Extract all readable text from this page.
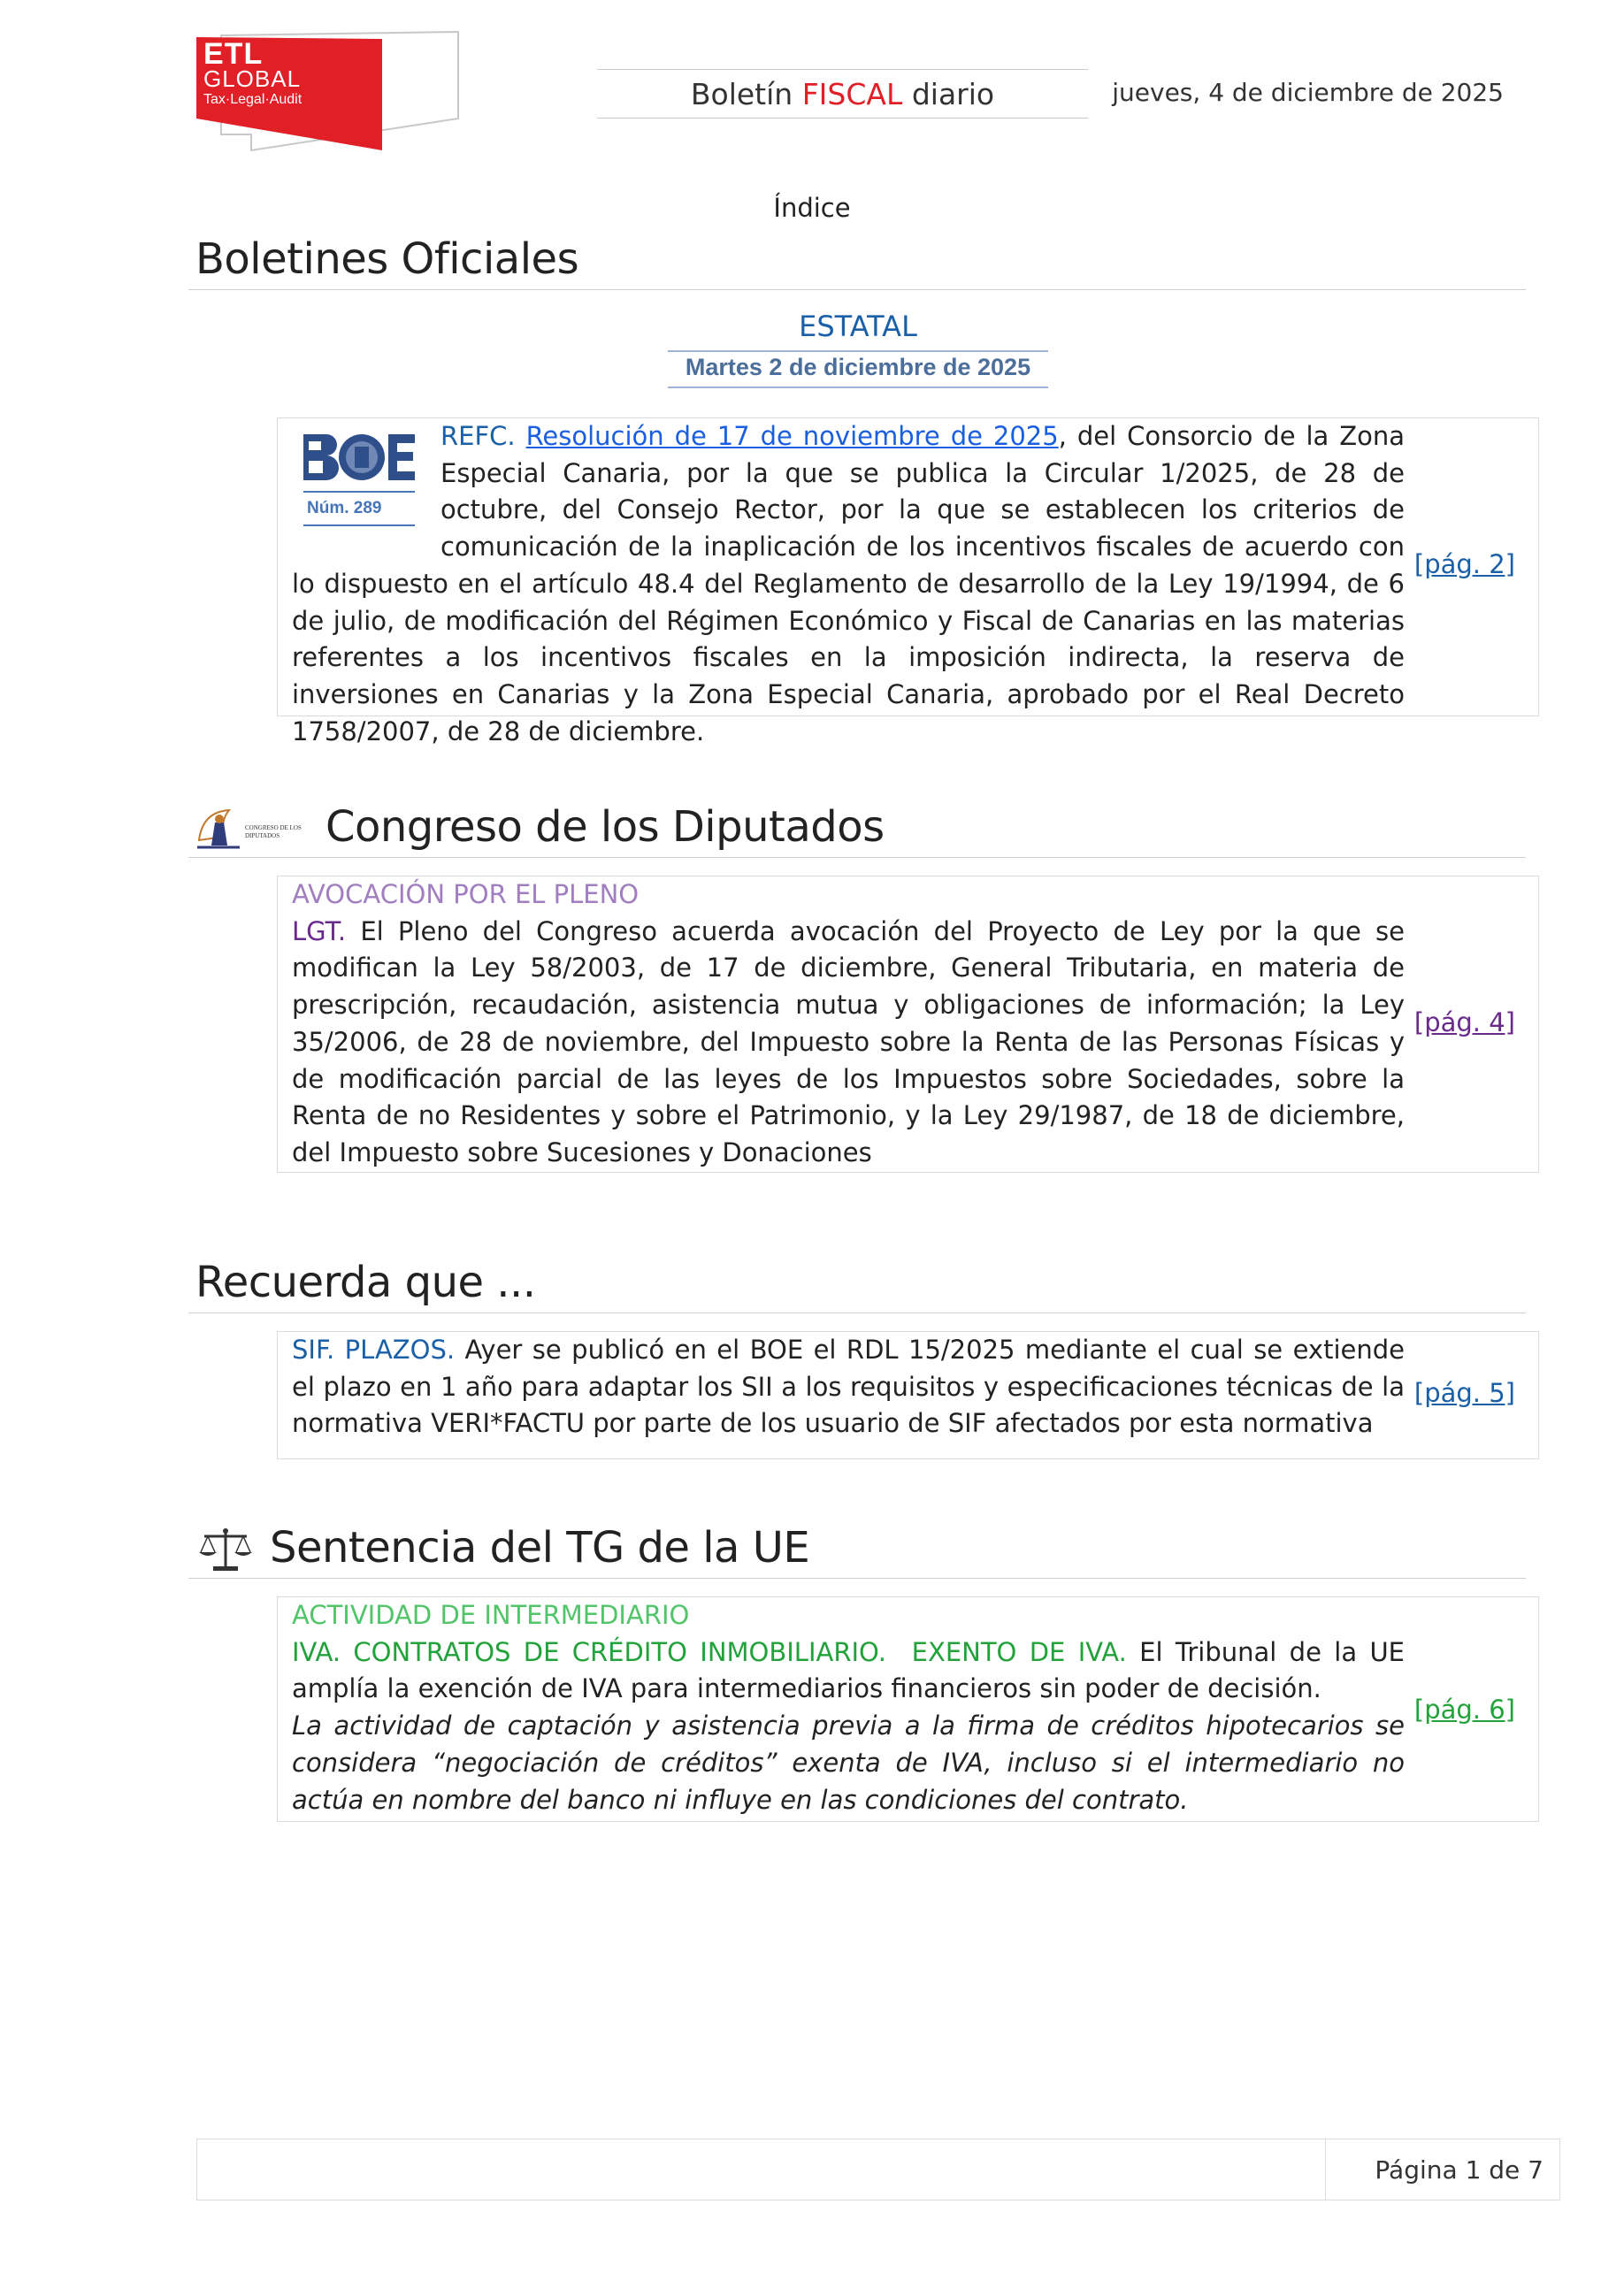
ETL
GLOBAL
Tax·Legal·Audit	Boletín FISCAL diario	jueves, 4 de diciembre de 2025
Índice
Boletines Oficiales
ESTATAL
Martes 2 de diciembre de 2025
Núm. 289
REFC. Resolución de 17 de noviembre de 2025, del Consorcio de la Zona Especial Canaria, por la que se publica la Circular 1/2025, de 28 de octubre, del Consejo Rector, por la que se establecen los criterios de comunicación de la inaplicación de los incentivos fiscales de acuerdo con lo dispuesto en el artículo 48.4 del Reglamento de desarrollo de la Ley 19/1994, de 6 de julio, de modificación del Régimen Económico y Fiscal de Canarias en las materias referentes a los incentivos fiscales en la imposición indirecta, la reserva de inversiones en Canarias y la Zona Especial Canaria, aprobado por el Real Decreto 1758/2007, de 28 de diciembre.
[pág. 2]
CONGRESO DE LOS DIPUTADOS	Congreso de los Diputados
AVOCACIÓN POR EL PLENO
LGT. El Pleno del Congreso acuerda avocación del Proyecto de Ley por la que se modifican la Ley 58/2003, de 17 de diciembre, General Tributaria, en materia de prescripción, recaudación, asistencia mutua y obligaciones de información; la Ley 35/2006, de 28 de noviembre, del Impuesto sobre la Renta de las Personas Físicas y de modificación parcial de las leyes de los Impuestos sobre Sociedades, sobre la Renta de no Residentes y sobre el Patrimonio, y la Ley 29/1987, de 18 de diciembre, del Impuesto sobre Sucesiones y Donaciones
[pág. 4]
Recuerda que ...
SIF. PLAZOS. Ayer se publicó en el BOE el RDL 15/2025 mediante el cual se extiende el plazo en 1 año para adaptar los SII a los requisitos y especificaciones técnicas de la normativa VERI*FACTU por parte de los usuario de SIF afectados por esta normativa
[pág. 5]
Sentencia del TG de la UE
ACTIVIDAD DE INTERMEDIARIO
IVA. CONTRATOS DE CRÉDITO INMOBILIARIO.  EXENTO DE IVA. El Tribunal de la UE amplía la exención de IVA para intermediarios financieros sin poder de decisión.
La actividad de captación y asistencia previa a la firma de créditos hipotecarios se considera “negociación de créditos” exenta de IVA, incluso si el intermediario no actúa en nombre del banco ni influye en las condiciones del contrato.
[pág. 6]
Página 1 de 7
